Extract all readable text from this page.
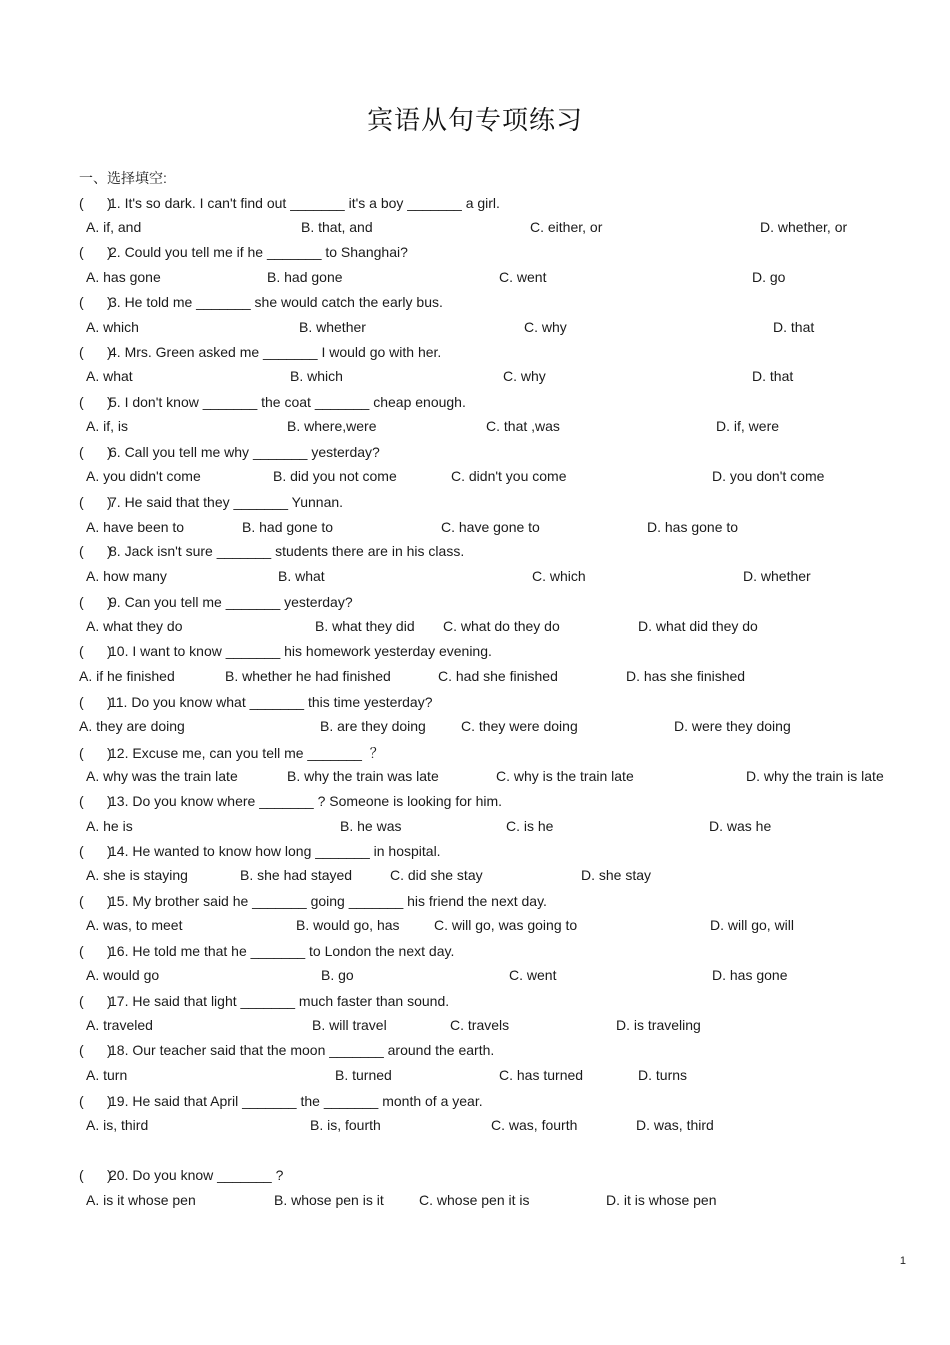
宾语从句专项练习
一、选择填空:
(      )1. It's so dark. I can't find out _______ it's a boy _______ a girl.
A. if, and	B. that, and	C. either, or	D. whether, or
(      )2. Could you tell me if he _______ to Shanghai?
A. has gone	B. had gone	C. went	D. go
(      )3. He told me _______ she would catch the early bus.
A. which	B. whether	C. why	D. that
(      )4. Mrs. Green asked me _______ I would go with her.
A. what	B. which	C. why	D. that
(      )5. I don't know _______ the coat _______ cheap enough.
A. if, is	B. where,were	C. that ,was	D. if, were
(      )6. Call you tell me why _______ yesterday?
A. you didn't come	B. did you not come	C. didn't you come	D. you don't come
(      )7. He said that they _______ Yunnan.
A. have been to	B. had gone to	C. have gone to	D. has gone to
(      )8. Jack isn't sure _______ students there are in his class.
A. how many	B. what	C. which	D. whether
(      )9. Can you tell me _______ yesterday?
A. what they do	B. what they did C. what do they do	D. what did they do
(      )10. I want to know _______ his homework yesterday evening.
A. if he finished	B. whether he had finished	C. had she finished	D. has she finished
(      )11. Do you know what _______ this time yesterday?
A. they are doing	B. are they doing	C. they were doing	D. were they doing
(      )12. Excuse me, can you tell me _______  ？
A. why was the train late	B. why the train was late	C. why is the train late	D. why the train is late
(      )13. Do you know where _______ ? Someone is looking for him.
A. he is	B. he was	C. is he	D. was he
(      )14. He wanted to know how long _______ in hospital.
A. she is staying	B. she had stayed	C. did she stay	D. she stay
(      )15. My brother said he _______ going _______ his friend the next day.
A. was, to meet	B. would go, has C. will go, was going to	D. will go, will
(      )16. He told me that he _______ to London the next day.
A. would go	B. go	C. went	D. has gone
(      )17. He said that light _______ much faster than sound.
A. traveled	B. will travel	C. travels	D. is traveling
(      )18. Our teacher said that the moon _______ around the earth.
A. turn	B. turned	C. has turned	D. turns
(      )19. He said that April _______ the _______ month of a year.
A. is, third	B. is, fourth	C. was, fourth	D. was, third
(      )20. Do you know _______ ?
A. is it whose pen	B. whose pen is it	C. whose pen it is	D. it is whose pen
1
